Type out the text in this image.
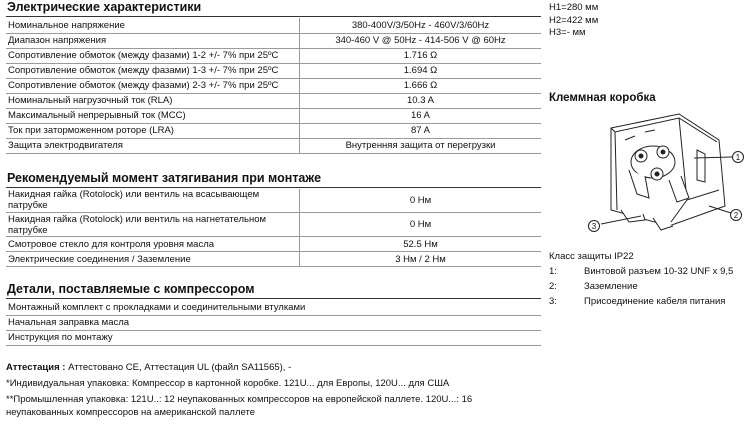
Электрические характеристики
Номинальное напряжение	380-400V/3/50Hz - 460V/3/60Hz
Диапазон напряжения	340-460 V @ 50Hz - 414-506 V @ 60Hz
Сопротивление обмоток (между фазами) 1-2 +/- 7% при 25ºC	1.716 Ω
Сопротивление обмоток (между фазами) 1-3 +/- 7% при 25ºC	1.694 Ω
Сопротивление обмоток (между фазами) 2-3 +/- 7% при 25ºC	1.666 Ω
Номинальный нагрузочный ток (RLA)	10.3 A
Максимальный непрерывный ток (MCC)	16 A
Ток при заторможенном роторе (LRA)	87 A
Защита электродвигателя	Внутренняя защита от перегрузки
Рекомендуемый момент затягивания при монтаже
Накидная гайка (Rotolock) или вентиль на всасывающем патрубке	0 Нм
Накидная гайка (Rotolock) или вентиль на нагнетательном патрубке	0 Нм
Смотровое стекло для контроля уровня масла	52.5 Нм
Электрические соединения / Заземление	3 Нм / 2 Нм
Детали, поставляемые с компрессором
Монтажный комплект с прокладками и соединительными втулками
Начальная заправка масла
Инструкция по монтажу
Аттестация : Аттестовано CE, Аттестация UL (файл SA11565), -
*Индивидуальная упаковка: Компрессор в картонной коробке. 121U... для Европы, 120U... для США
**Промышленная упаковка: 121U..: 12 неупакованных компрессоров на европейской паллете. 120U...: 16 неупакованных компрессоров на американской паллете
H1=280 мм
H2=422 мм
H3=- мм
Клеммная коробка
1
2
3
Класс защиты IP22
1:	Винтовой разъем 10-32 UNF x 9,5
2:	Заземление
3:	Присоединение кабеля питания
